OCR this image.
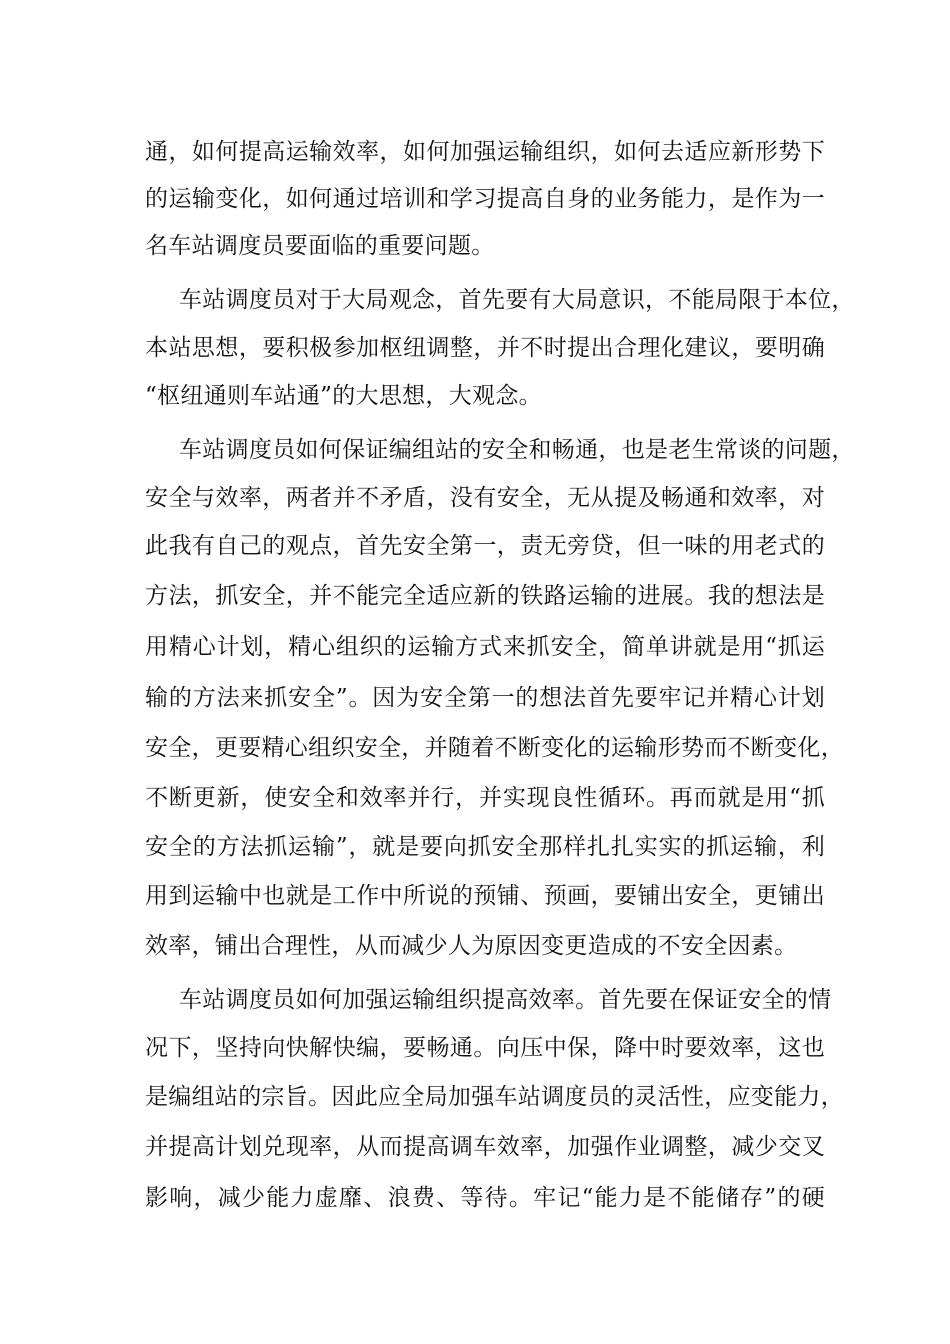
通，如何提高运输效率，如何加强运输组织，如何去适应新形势下
的运输变化，如何通过培训和学习提高自身的业务能力，是作为一
名车站调度员要面临的重要问题。
车站调度员对于大局观念，首先要有大局意识，不能局限于本位，
本站思想，要积极参加枢纽调整，并不时提出合理化建议，要明确
“枢纽通则车站通”的大思想，大观念。
车站调度员如何保证编组站的安全和畅通，也是老生常谈的问题，
安全与效率，两者并不矛盾，没有安全，无从提及畅通和效率，对
此我有自己的观点，首先安全第一，责无旁贷，但一味的用老式的
方法，抓安全，并不能完全适应新的铁路运输的进展。我的想法是
用精心计划，精心组织的运输方式来抓安全，简单讲就是用“抓运
输的方法来抓安全”。因为安全第一的想法首先要牢记并精心计划
安全，更要精心组织安全，并随着不断变化的运输形势而不断变化，
不断更新，使安全和效率并行，并实现良性循环。再而就是用“抓
安全的方法抓运输”，就是要向抓安全那样扎扎实实的抓运输，利
用到运输中也就是工作中所说的预铺、预画，要铺出安全，更铺出
效率，铺出合理性，从而减少人为原因变更造成的不安全因素。
车站调度员如何加强运输组织提高效率。首先要在保证安全的情
况下，坚持向快解快编，要畅通。向压中保，降中时要效率，这也
是编组站的宗旨。因此应全局加强车站调度员的灵活性，应变能力，
并提高计划兑现率，从而提高调车效率，加强作业调整，减少交叉
影响，减少能力虚靡、浪费、等待。牢记“能力是不能储存”的硬
